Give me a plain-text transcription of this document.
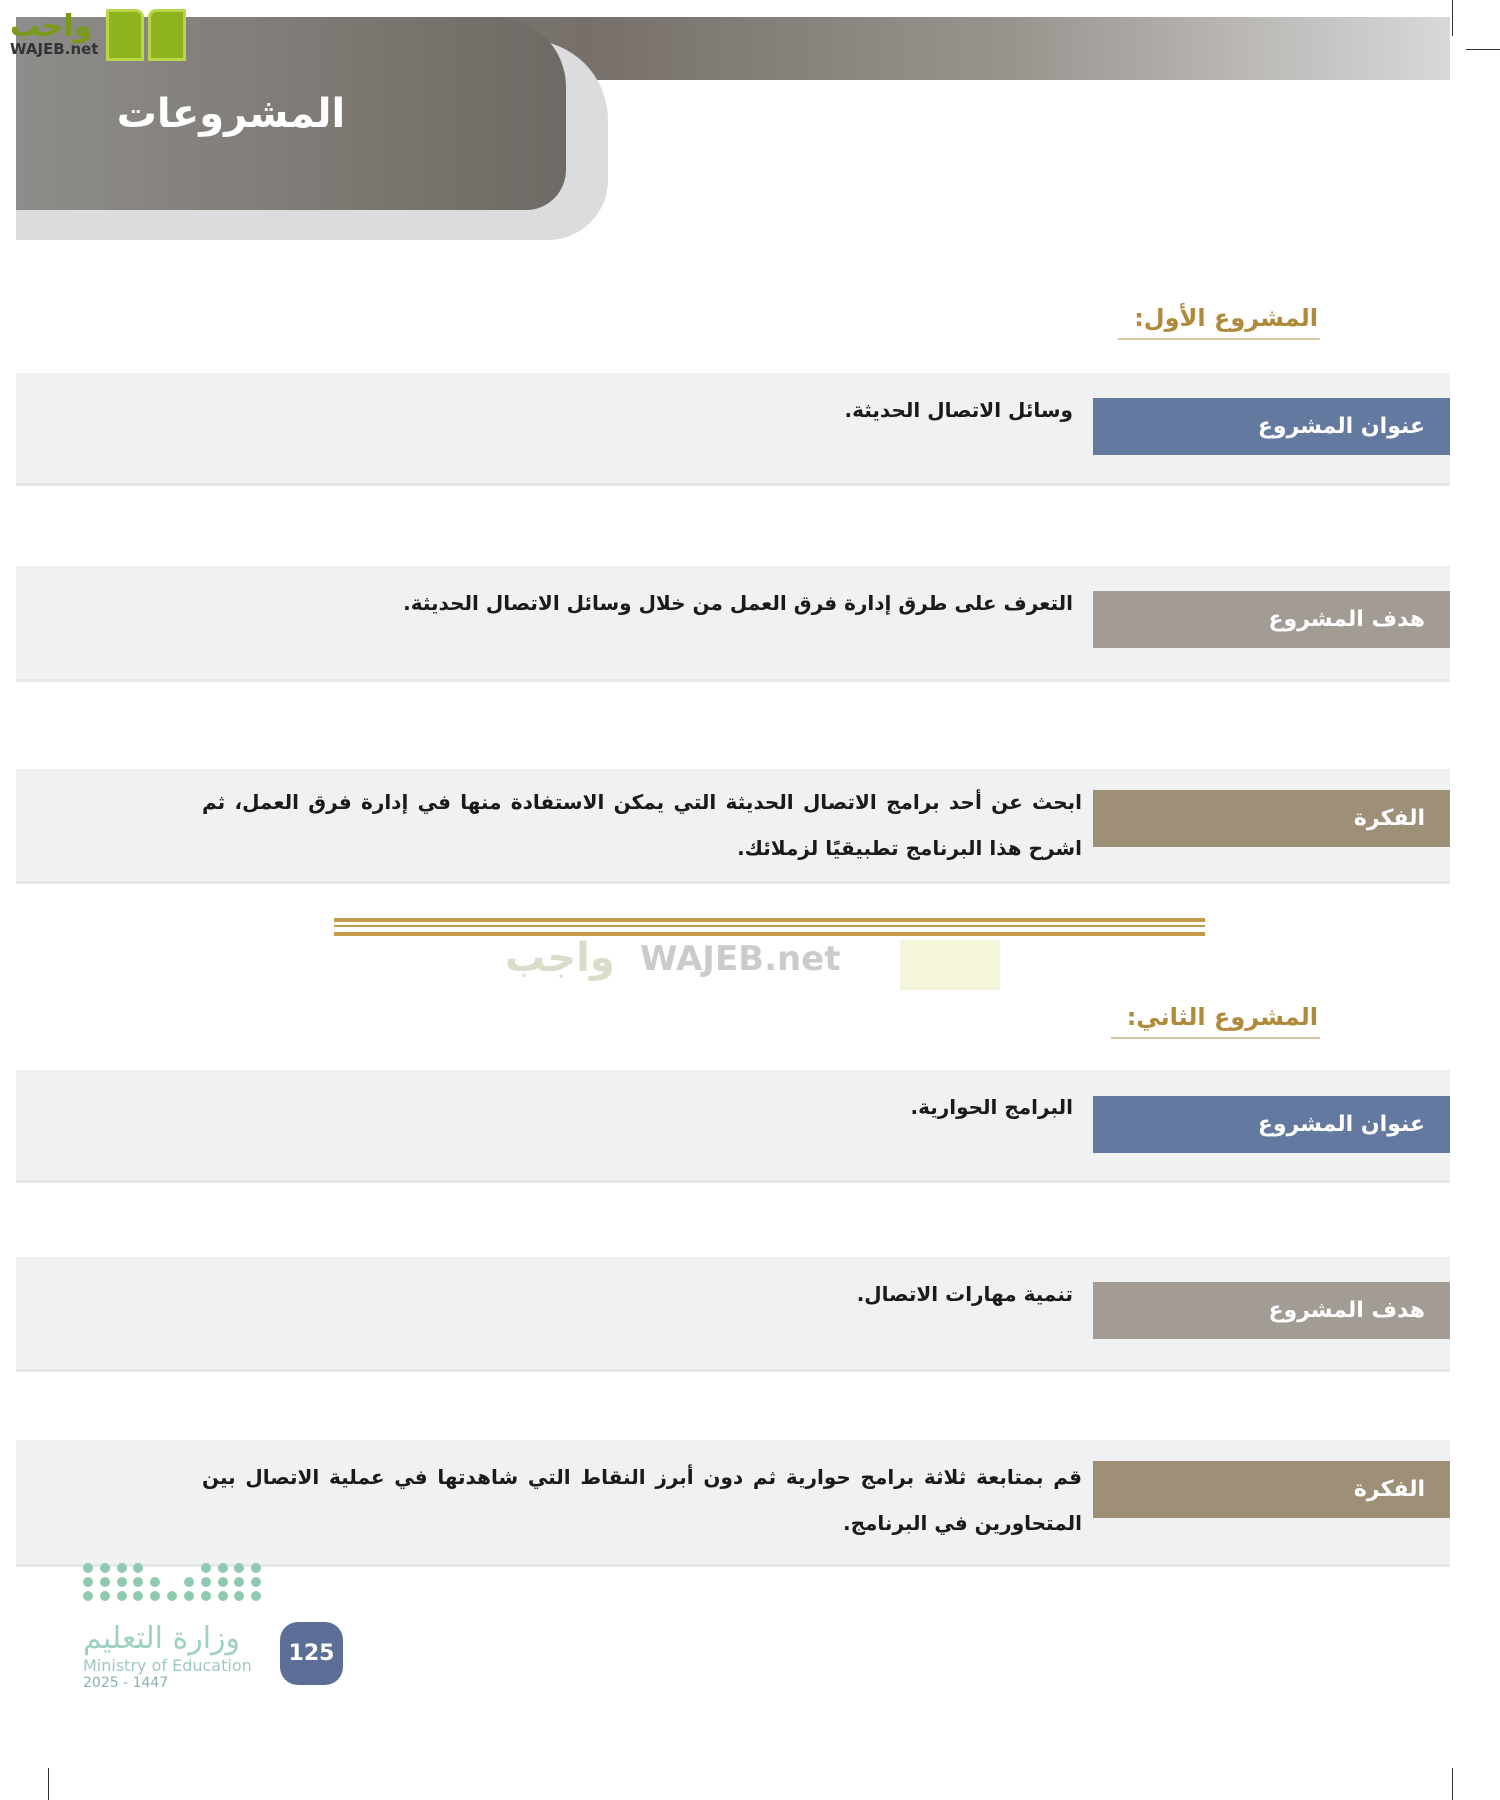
المشروعات
واجب
WAJEB.net
المشروع الأول:
عنوان المشروع
وسائل الاتصال الحديثة.
هدف المشروع
التعرف على طرق إدارة فرق العمل من خلال وسائل الاتصال الحديثة.
الفكرة
ابحث عن أحد برامج الاتصال الحديثة التي يمكن الاستفادة منها في إدارة فرق العمل، ثم اشرح هذا البرنامج تطبيقيًا لزملائك.
واجب WAJEB.net
المشروع الثاني:
عنوان المشروع
البرامج الحوارية.
هدف المشروع
تنمية مهارات الاتصال.
الفكرة
قم بمتابعة ثلاثة برامج حوارية ثم دون أبرز النقاط التي شاهدتها في عملية الاتصال بين المتحاورين في البرنامج.
وزارة التعليم
Ministry of Education
2025 - 1447
125
